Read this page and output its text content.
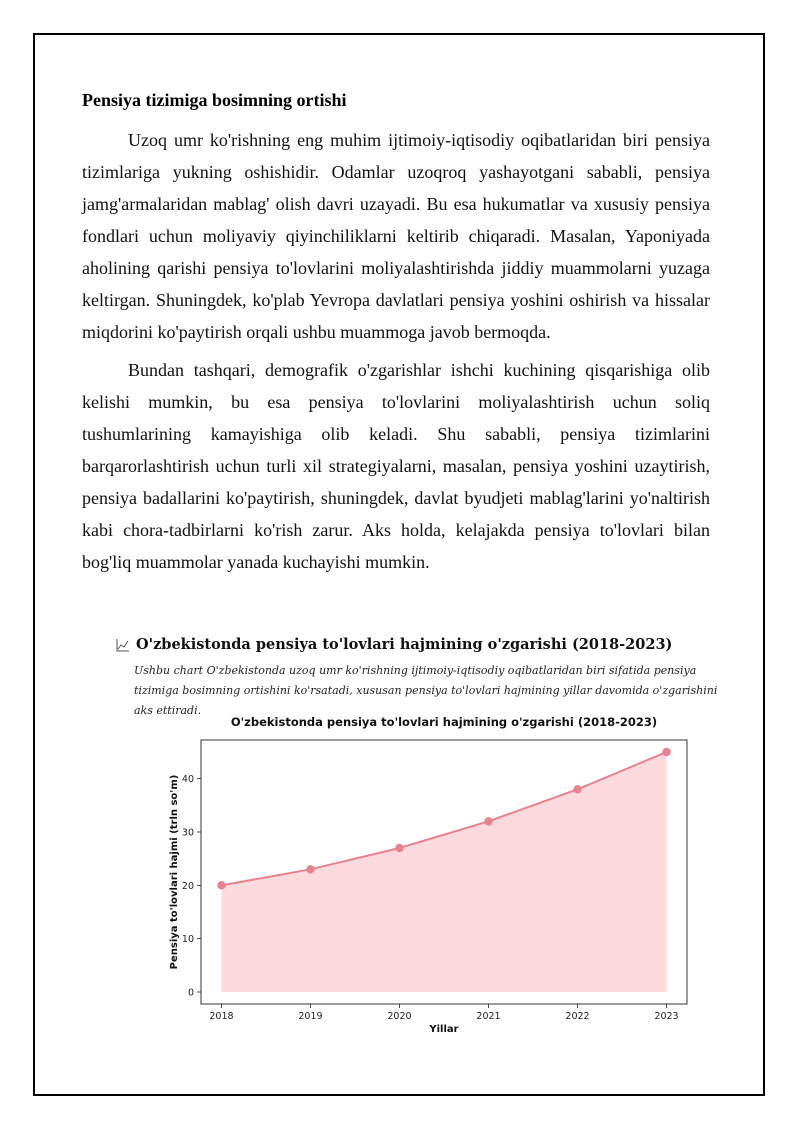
Pensiya tizimiga bosimning ortishi

Uzoq umr ko'rishning eng muhim ijtimoiy-iqtisodiy oqibatlaridan biri pensiya tizimlariga yukning oshishidir. Odamlar uzoqroq yashayotgani sababli, pensiya jamg'armalaridan mablag' olish davri uzayadi. Bu esa hukumatlar va xususiy pensiya fondlari uchun moliyaviy qiyinchiliklarni keltirib chiqaradi. Masalan, Yaponiyada aholining qarishi pensiya to'lovlarini moliyalashtirishda jiddiy muammolarni yuzaga keltirgan. Shuningdek, ko'plab Yevropa davlatlari pensiya yoshini oshirish va hissalar miqdorini ko'paytirish orqali ushbu muammoga javob bermoqda.

Bundan tashqari, demografik o'zgarishlar ishchi kuchining qisqarishiga olib kelishi mumkin, bu esa pensiya to'lovlarini moliyalashtirish uchun soliq tushumlarining kamayishiga olib keladi. Shu sababli, pensiya tizimlarini barqarorlashtirish uchun turli xil strategiyalarni, masalan, pensiya yoshini uzaytirish, pensiya badallarini ko'paytirish, shuningdek, davlat byudjeti mablag'larini yo'naltirish kabi chora-tadbirlarni ko'rish zarur. Aks holda, kelajakda pensiya to'lovlari bilan bog'liq muammolar yanada kuchayishi mumkin.

O'zbekistonda pensiya to'lovlari hajmining o'zgarishi (2018-2023)
Ushbu chart O'zbekistonda uzoq umr ko'rishning ijtimoiy-iqtisodiy oqibatlaridan biri sifatida pensiya tizimiga bosimning ortishini ko'rsatadi, xususan pensiya to'lovlari hajmining yillar davomida o'zgarishini aks ettiradi.
O'zbekistonda pensiya to'lovlari hajmining o'zgarishi (2018-2023)
0
10
20
30
40
2018	2019	2020	2021	2022	2023
Yillar
Pensiya to'lovlari hajmi (trln so'm)
